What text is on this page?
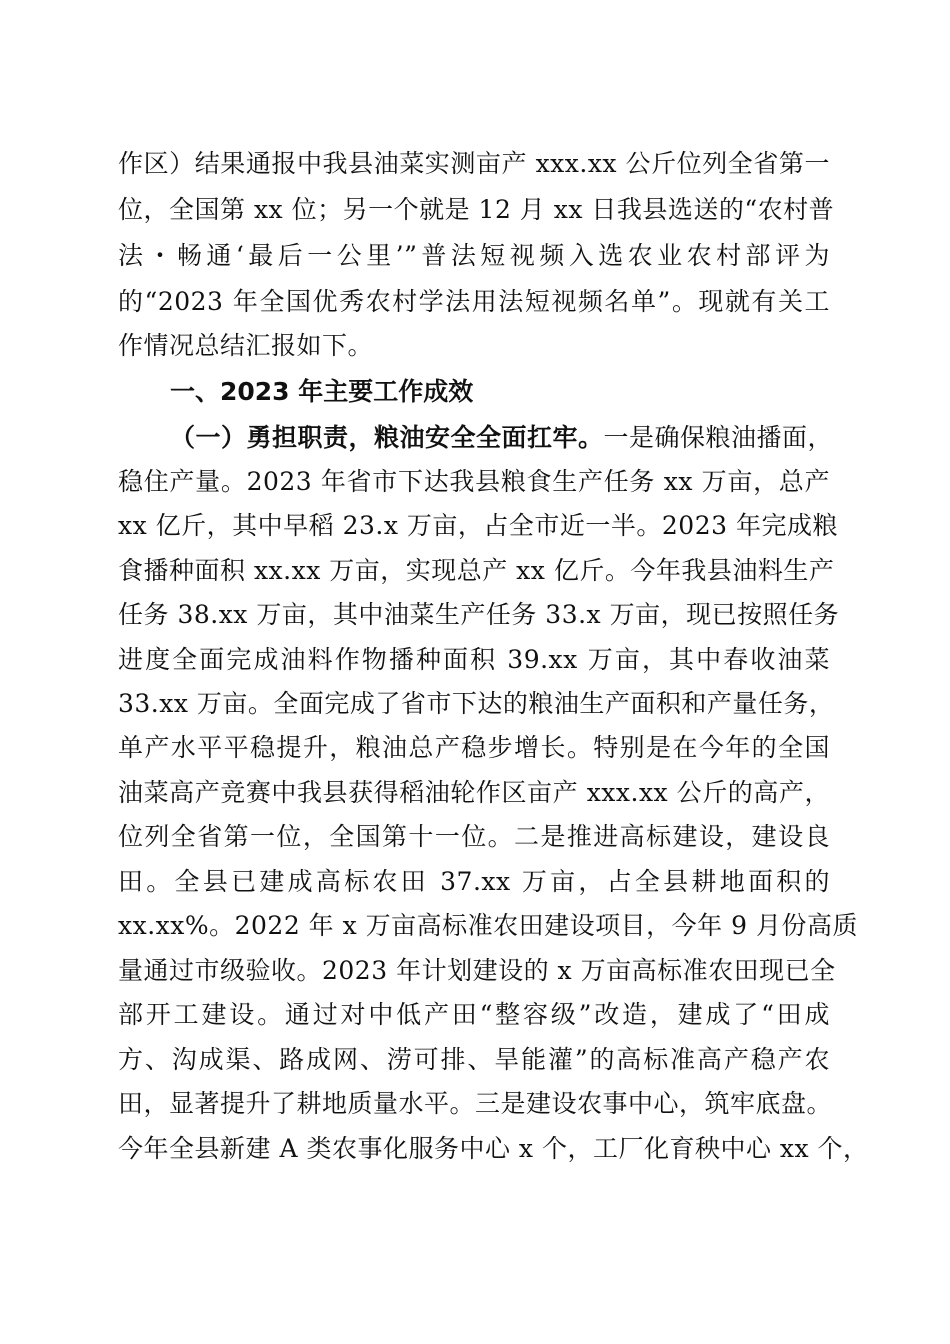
作区）结果通报中我县油菜实测亩产 xxx.xx 公斤位列全省第一
位，全国第 xx 位；另一个就是 12 月 xx 日我县选送的“农村普
法・畅通‘最后一公里’”普法短视频入选农业农村部评为
的“2023 年全国优秀农村学法用法短视频名单”。现就有关工
作情况总结汇报如下。
一、2023 年主要工作成效
（一）勇担职责，粮油安全全面扛牢。一是确保粮油播面，
稳住产量。2023 年省市下达我县粮食生产任务 xx 万亩，总产
xx 亿斤，其中早稻 23.x 万亩，占全市近一半。2023 年完成粮
食播种面积 xx.xx 万亩，实现总产 xx 亿斤。今年我县油料生产
任务 38.xx 万亩，其中油菜生产任务 33.x 万亩，现已按照任务
进度全面完成油料作物播种面积 39.xx 万亩，其中春收油菜
33.xx 万亩。全面完成了省市下达的粮油生产面积和产量任务，
单产水平平稳提升，粮油总产稳步增长。特别是在今年的全国
油菜高产竞赛中我县获得稻油轮作区亩产 xxx.xx 公斤的高产，
位列全省第一位，全国第十一位。二是推进高标建设，建设良
田。全县已建成高标农田 37.xx 万亩，占全县耕地面积的
xx.xx%。2022 年 x 万亩高标准农田建设项目，今年 9 月份高质
量通过市级验收。2023 年计划建设的 x 万亩高标准农田现已全
部开工建设。通过对中低产田“整容级”改造，建成了“田成
方、沟成渠、路成网、涝可排、旱能灌”的高标准高产稳产农
田，显著提升了耕地质量水平。三是建设农事中心，筑牢底盘。
今年全县新建 A 类农事化服务中心 x 个，工厂化育秧中心 xx 个，
